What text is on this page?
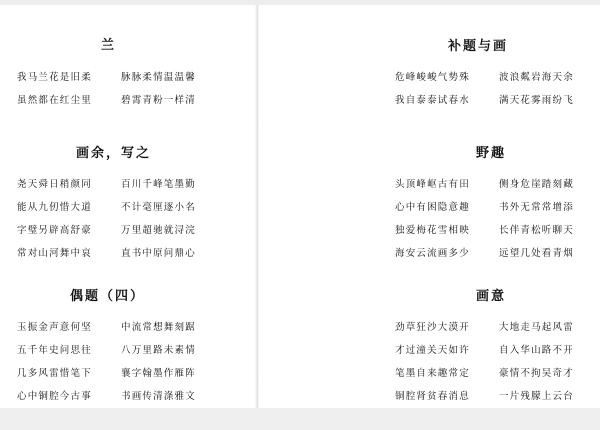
兰
我马兰花是旧柔	脉脉柔情温温馨
虽然都在红尘里	碧霄青粉一样清
画余，写之
尧天舜日稍颜同	百川千峰笔墨勤
能从九仞惜大道	不计毫厘逐小名
字璧另辟高舒豪	万里超驰就浔浣
常对山河舞中哀	直书中原问鼎心
偶题（四）
玉振金声意何坚	中流常想舞刻踞
五千年史问思往	八万里路未素情
几多风雷惜笔下	襄字翰墨作雁阵
心中铜腔今古事	书画传清涤雅文
补题与画
危峰峻峻气势殊	波浪粼岩海天余
我自泰泰试春水	满天花雾雨纷飞
野趣
头顶峰岖古有田	侧身危崖踏刻藏
心中有困隐意趣	书外无常常增添
独爱梅花雪相映	长伴青松听聊天
海安云流画多少	远望几处看青烟
画意
劲草狂沙大漠开	大地走马起风雷
才过潼关天如许	自入华山路不开
笔墨自来趣常定	豪情不拘吴奇才
铜腔肾贫春消息	一片残朦上云台
